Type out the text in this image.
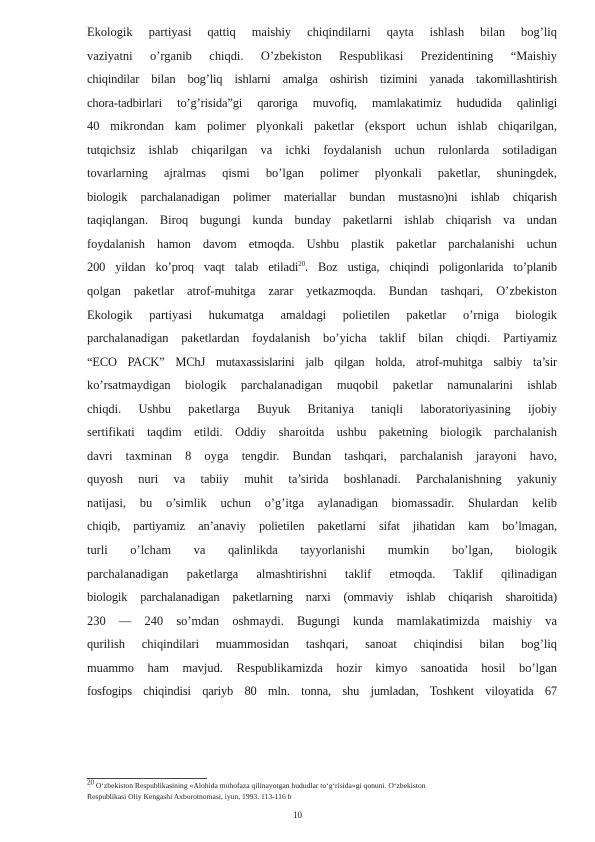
Ekologik partiyasi qattiq maishiy chiqindilarni qayta ishlash bilan bog’liq
vaziyatni o’rganib chiqdi. O’zbekiston Respublikasi Prezidentining “Maishiy
chiqindilar bilan bog’liq ishlarni amalga oshirish tizimini yanada takomillashtirish
chora-tadbirlari to’g’risida”gi qaroriga muvofiq, mamlakatimiz hududida qalinligi
40 mikrondan kam polimer plyonkali paketlar (eksport uchun ishlab chiqarilgan,
tutqichsiz ishlab chiqarilgan va ichki foydalanish uchun rulonlarda sotiladigan
tovarlarning ajralmas qismi bo’lgan polimer plyonkali paketlar, shuningdek,
biologik parchalanadigan polimer materiallar bundan mustasno)ni ishlab chiqarish
taqiqlangan. Biroq bugungi kunda bunday paketlarni ishlab chiqarish va undan
foydalanish hamon davom etmoqda. Ushbu plastik paketlar parchalanishi uchun
200 yildan ko’proq vaqt talab etiladi$^{20}$. Boz ustiga, chiqindi poligonlarida to’planib
qolgan paketlar atrof-muhitga zarar yetkazmoqda. Bundan tashqari, O’zbekiston
Ekologik partiyasi hukumatga amaldagi polietilen paketlar o’rniga biologik
parchalanadigan paketlardan foydalanish bo’yicha taklif bilan chiqdi. Partiyamiz
“ECO PACK” MChJ mutaxassislarini jalb qilgan holda, atrof-muhitga salbiy ta’sir
ko’rsatmaydigan biologik parchalanadigan muqobil paketlar namunalarini ishlab
chiqdi. Ushbu paketlarga Buyuk Britaniya taniqli laboratoriyasining ijobiy
sertifikati taqdim etildi. Oddiy sharoitda ushbu paketning biologik parchalanish
davri taxminan 8 oyga tengdir. Bundan tashqari, parchalanish jarayoni havo,
quyosh nuri va tabiiy muhit ta’sirida boshlanadi. Parchalanishning yakuniy
natijasi, bu o’simlik uchun o’g’itga aylanadigan biomassadir. Shulardan kelib
chiqib, partiyamiz an’anaviy polietilen paketlarni sifat jihatidan kam bo’lmagan,
turli o’lcham va qalinlikda tayyorlanishi mumkin bo’lgan, biologik
parchalanadigan paketlarga almashtirishni taklif etmoqda. Taklif qilinadigan
biologik parchalanadigan paketlarning narxi (ommaviy ishlab chiqarish sharoitida)
230 — 240 so’mdan oshmaydi. Bugungi kunda mamlakatimizda maishiy va
qurilish chiqindilari muammosidan tashqari, sanoat chiqindisi bilan bog’liq
muammo ham mavjud. Respublikamizda hozir kimyo sanoatida hosil bo’lgan
fosfogips chiqindisi qariyb 80 mln. tonna, shu jumladan, Toshkent viloyatida 67
$^{20}$ O‘zbekiston Respublikasining «Alohida muhofaza qilinayotgan hududlar to‘g‘risida»gi qonuni. O‘zbekiston
Respublikasi Oliy Kengashi Axborotnomasi, iyun, 1993. 113-116 b
10
